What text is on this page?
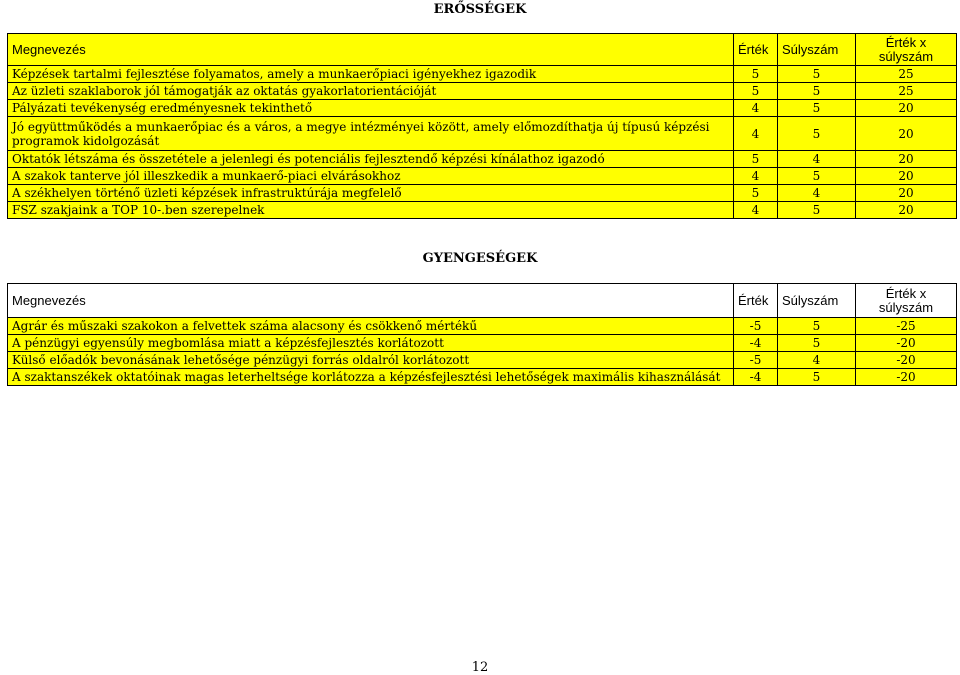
ERŐSSÉGEK
Megnevezés	Érték	Súlyszám	Érték x súlyszám
Képzések tartalmi fejlesztése folyamatos, amely a munkaerőpiaci igényekhez igazodik	5	5	25
Az üzleti szaklaborok jól támogatják az oktatás gyakorlatorientációját	5	5	25
Pályázati tevékenység eredményesnek tekinthető	4	5	20
Jó együttműködés a munkaerőpiac és a város, a megye intézményei között, amely előmozdíthatja új típusú képzési programok kidolgozását	4	5	20
Oktatók létszáma és összetétele a jelenlegi és potenciális fejlesztendő képzési kínálathoz igazodó	5	4	20
A szakok tanterve jól illeszkedik a munkaerő-piaci elvárásokhoz	4	5	20
A székhelyen történő üzleti képzések infrastruktúrája megfelelő	5	4	20
FSZ szakjaink a TOP 10-.ben szerepelnek	4	5	20
GYENGESÉGEK
Megnevezés	Érték	Súlyszám	Érték x súlyszám
Agrár és műszaki szakokon a felvettek száma alacsony és csökkenő mértékű	-5	5	-25
A pénzügyi egyensúly megbomlása miatt a képzésfejlesztés korlátozott	-4	5	-20
Külső előadók bevonásának lehetősége pénzügyi forrás oldalról korlátozott	-5	4	-20
A szaktanszékek oktatóinak magas leterheltsége korlátozza a képzésfejlesztési lehetőségek maximális kihasználását	-4	5	-20
12
